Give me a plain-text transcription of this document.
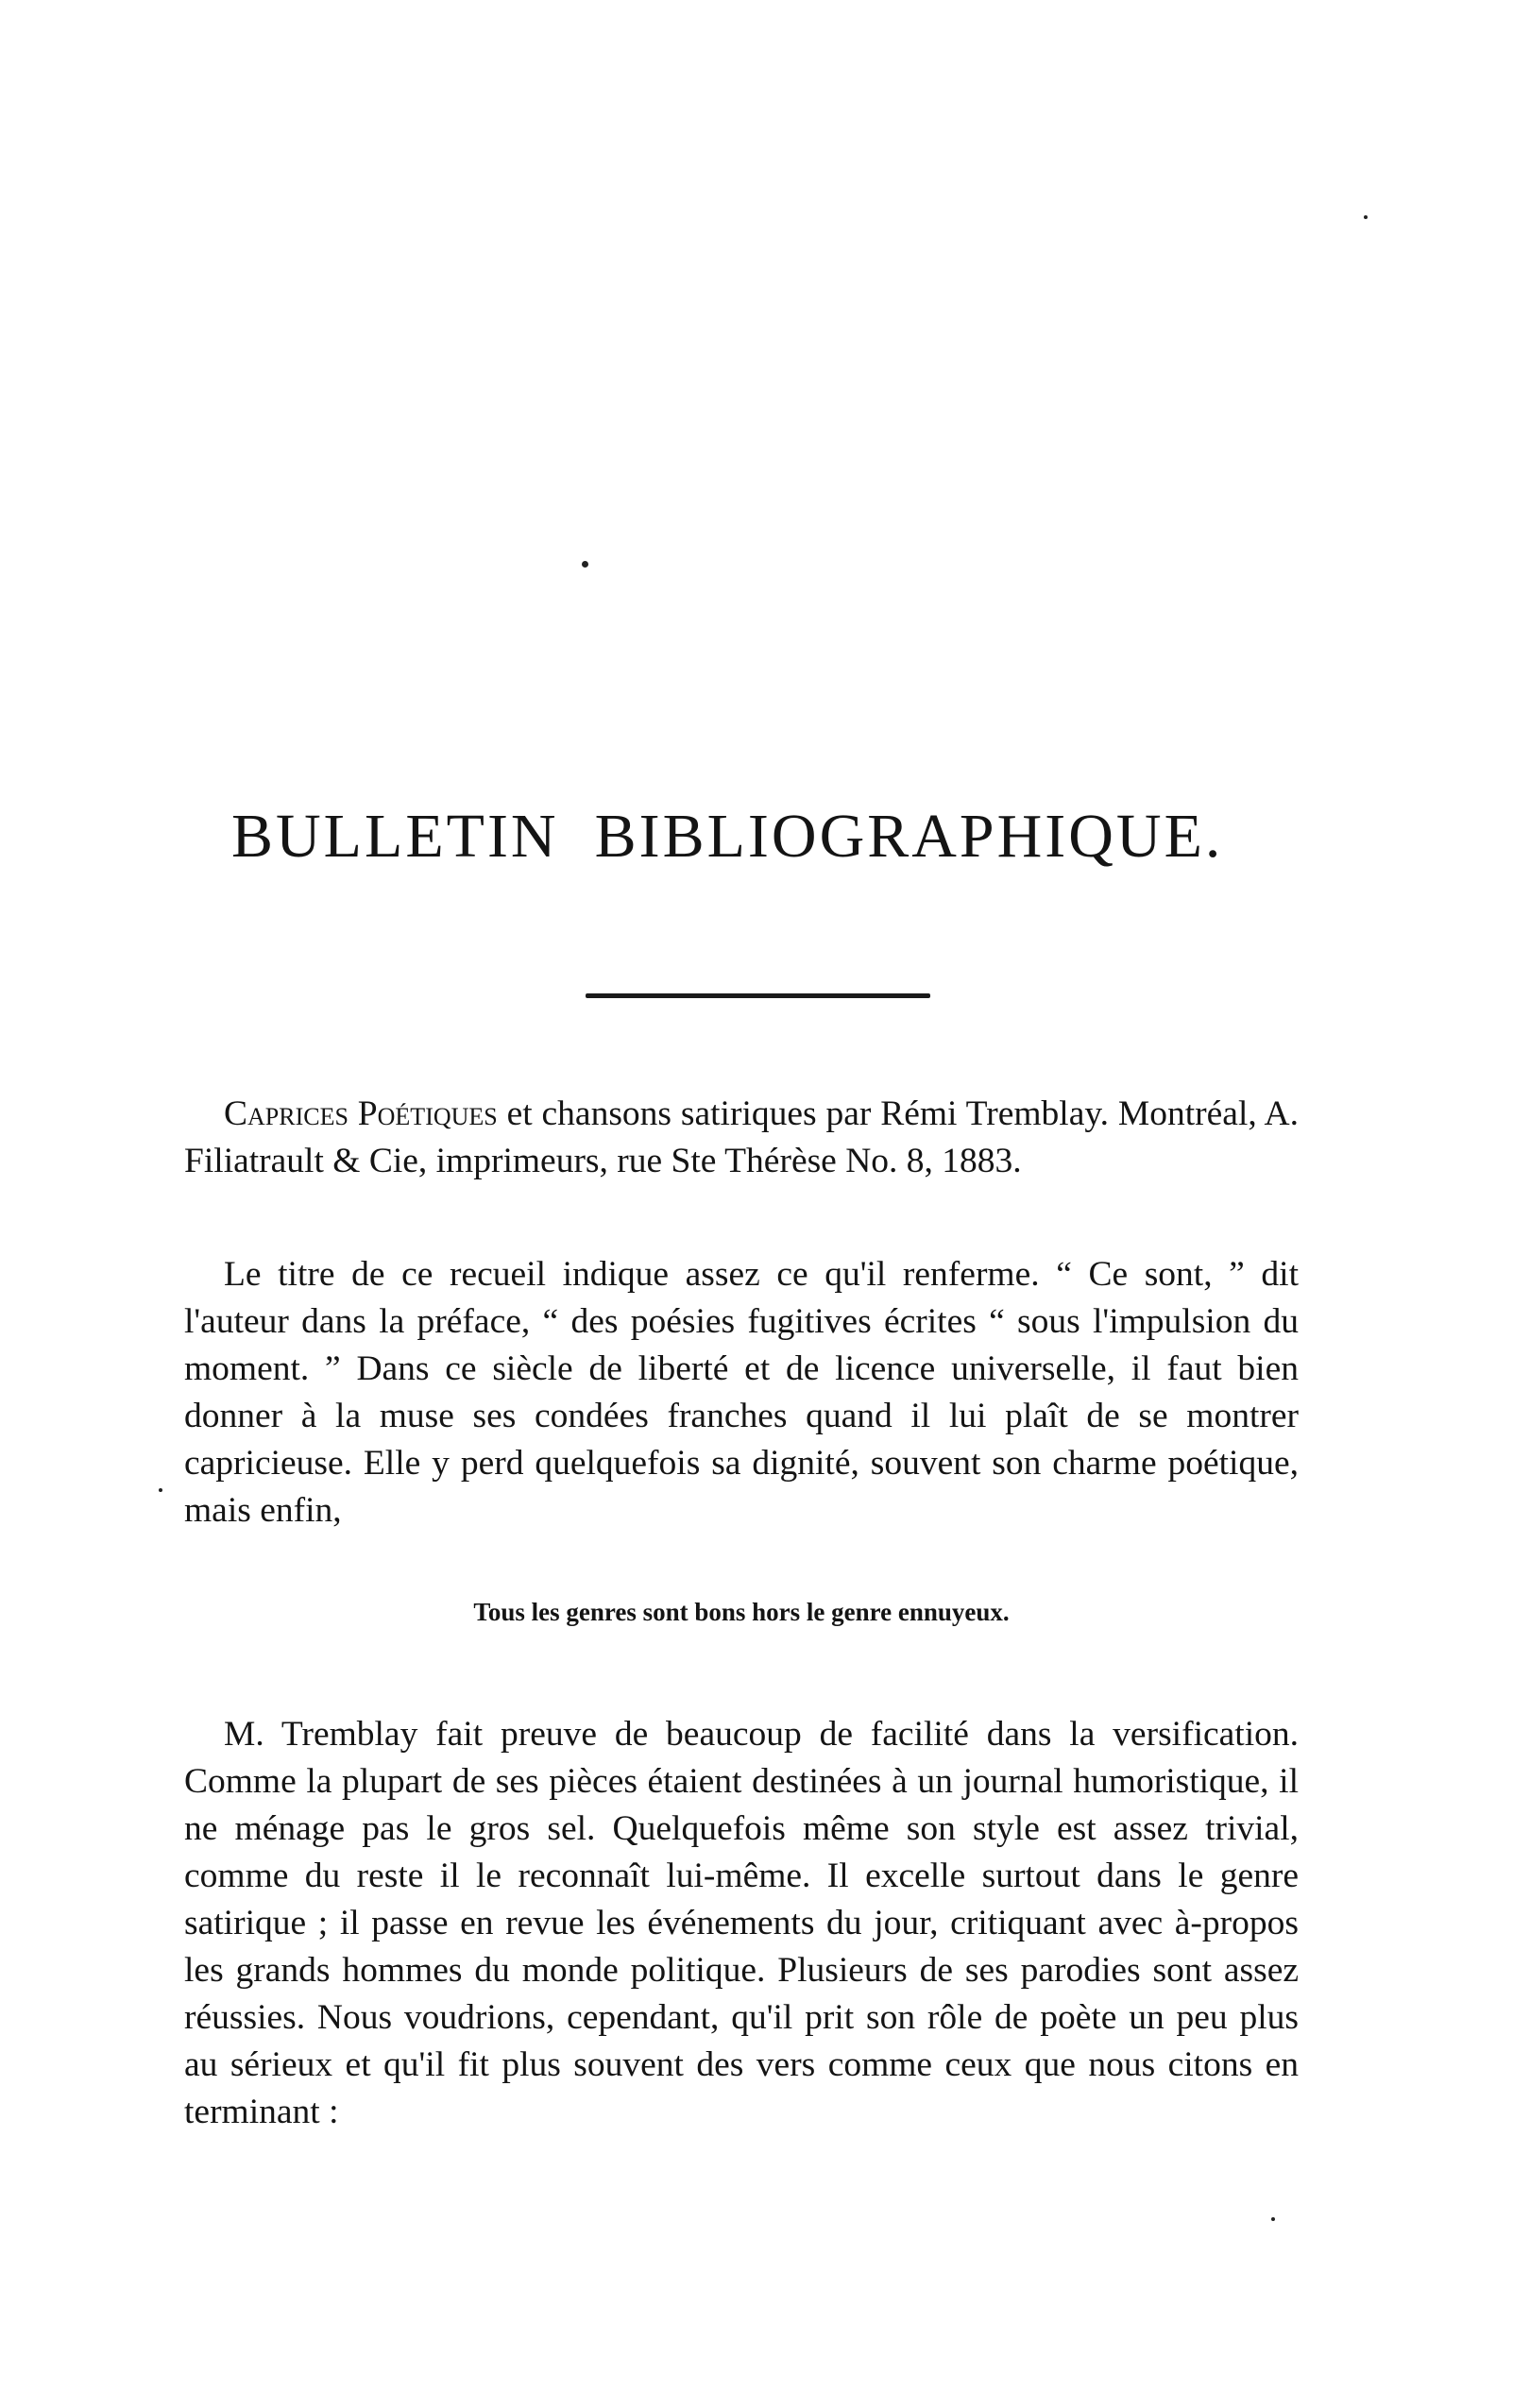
BULLETIN BIBLIOGRAPHIQUE.

Caprices Poétiques et chansons satiriques par Rémi Tremblay. Montréal, A. Filiatrault & Cie, imprimeurs, rue Ste Thérèse No. 8, 1883.

Le titre de ce recueil indique assez ce qu'il renferme. “ Ce sont, ” dit l'auteur dans la préface, “ des poésies fugitives écrites “ sous l'impulsion du moment. ” Dans ce siècle de liberté et de licence universelle, il faut bien donner à la muse ses condées franches quand il lui plaît de se montrer capricieuse. Elle y perd quelquefois sa dignité, souvent son charme poétique, mais enfin,

Tous les genres sont bons hors le genre ennuyeux.

M. Tremblay fait preuve de beaucoup de facilité dans la versification. Comme la plupart de ses pièces étaient destinées à un journal humoristique, il ne ménage pas le gros sel. Quelquefois même son style est assez trivial, comme du reste il le reconnaît lui-même. Il excelle surtout dans le genre satirique ; il passe en revue les événements du jour, critiquant avec à-propos les grands hommes du monde politique. Plusieurs de ses parodies sont assez réussies. Nous voudrions, cependant, qu'il prit son rôle de poète un peu plus au sérieux et qu'il fit plus souvent des vers comme ceux que nous citons en terminant :
